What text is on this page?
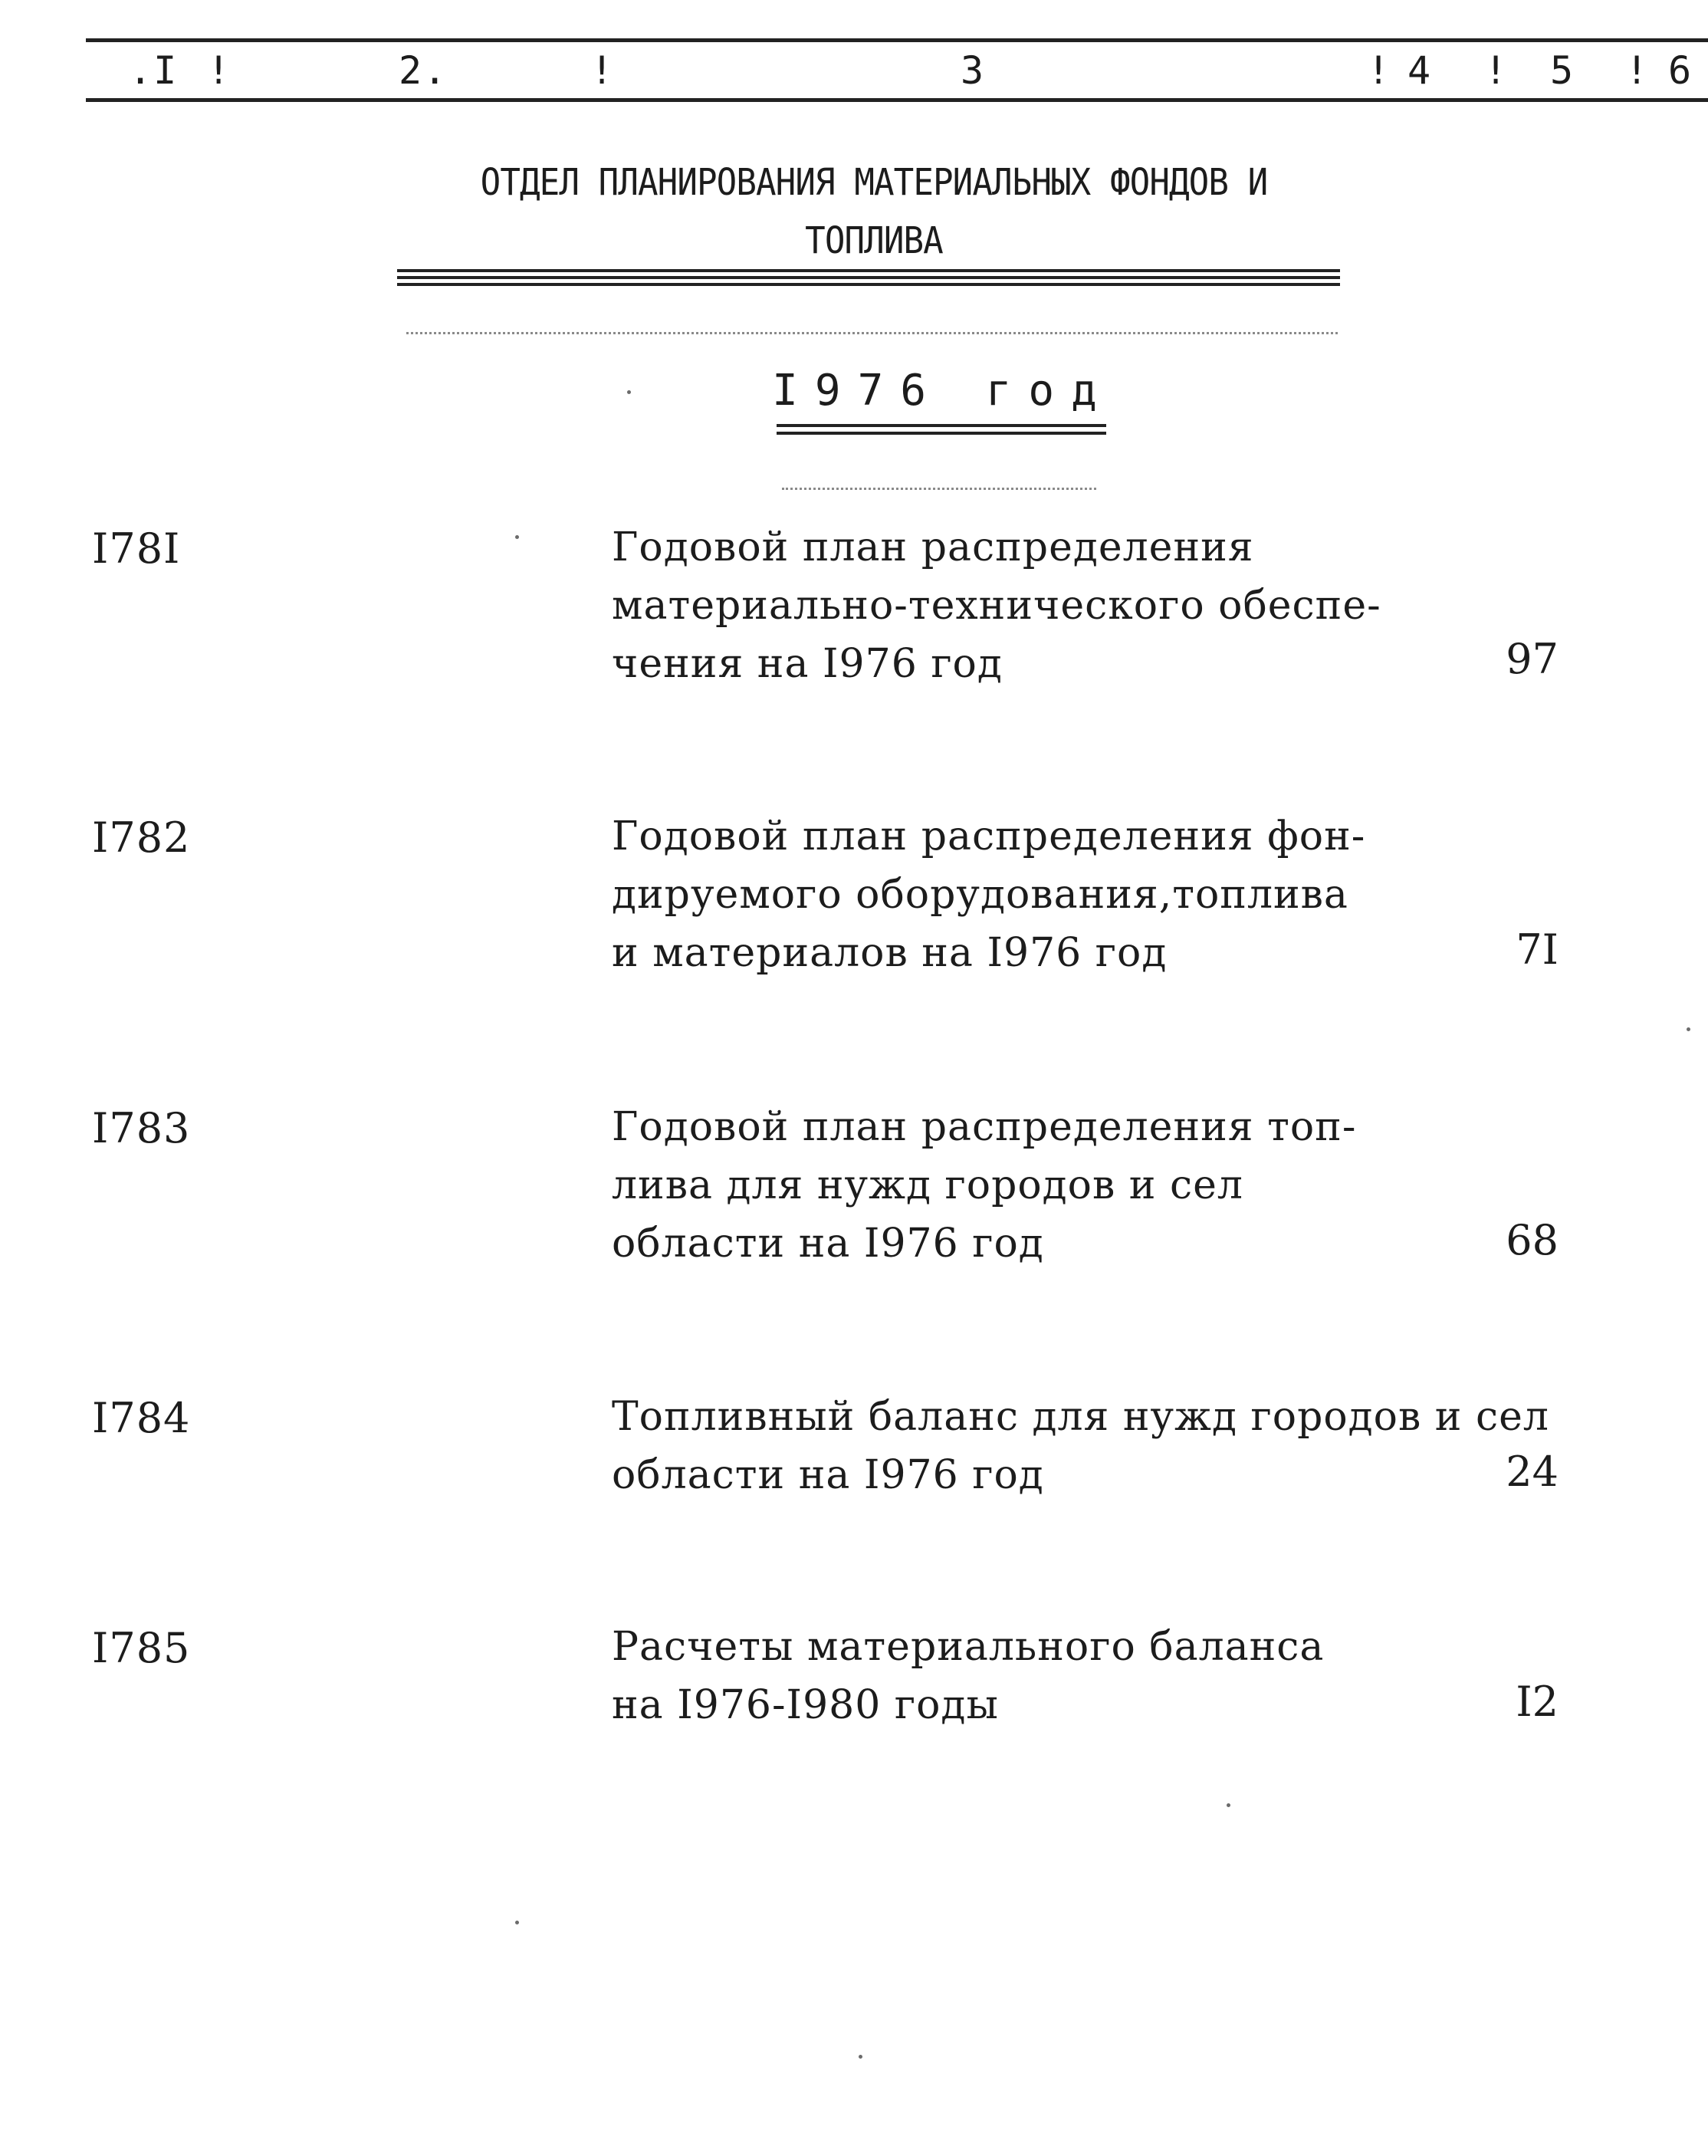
.I !	2.	!	3	! 4 ! 5 ! 6
ОТДЕЛ ПЛАНИРОВАНИЯ МАТЕРИАЛЬНЫХ ФОНДОВ И
ТОПЛИВА
I976 год
I78I	Годовой план распределения
материально-технического обеспе-
чения на I976 год	97
I782	Годовой план распределения фон-
дируемого оборудования,топлива
и материалов на I976 год	7I
I783	Годовой план распределения топ-
лива для нужд городов и сел
области на I976 год	68
I784	Топливный баланс для нужд городов и сел
области на I976 год	24
I785	Расчеты материального баланса
на I976-I980 годы	I2
